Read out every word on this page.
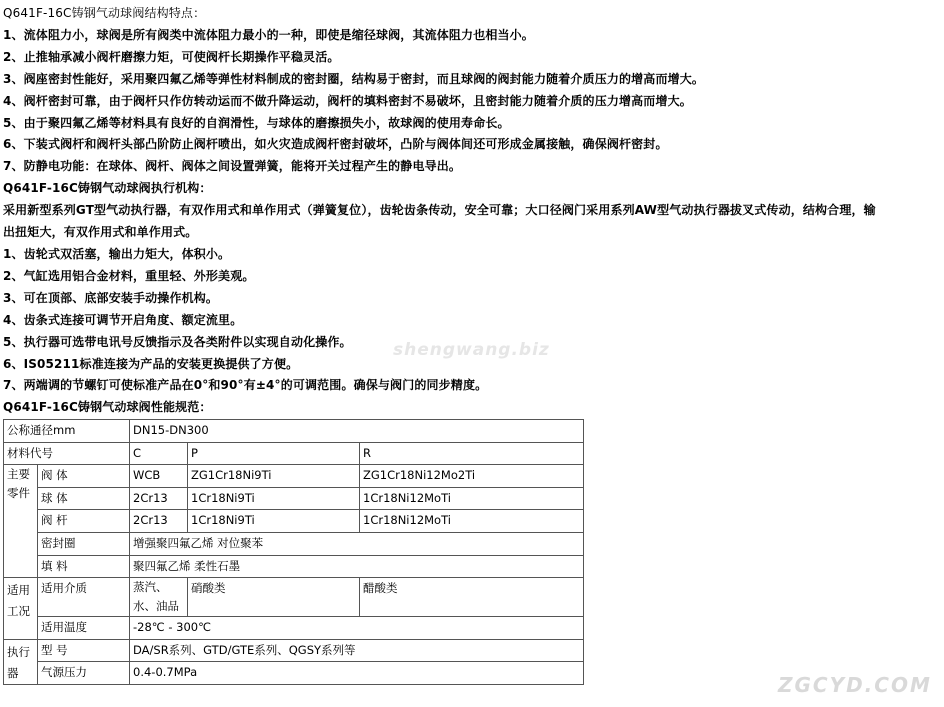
Q641F-16C铸钢气动球阀结构特点：
1、流体阻力小，球阀是所有阀类中流体阻力最小的一种，即使是缩径球阀，其流体阻力也相当小。
2、止推轴承减小阀杆磨擦力矩，可使阀杆长期操作平稳灵活。
3、阀座密封性能好，采用聚四氟乙烯等弹性材料制成的密封圈，结构易于密封，而且球阀的阀封能力随着介质压力的增高而增大。
4、阀杆密封可靠，由于阀杆只作仿转动运而不做升降运动，阀杆的填料密封不易破坏，且密封能力随着介质的压力增高而增大。
5、由于聚四氟乙烯等材料具有良好的自润滑性，与球体的磨擦损失小，故球阀的使用寿命长。
6、下装式阀杆和阀杆头部凸阶防止阀杆喷出，如火灾造成阀杆密封破坏，凸阶与阀体间还可形成金属接触，确保阀杆密封。
7、防静电功能：在球体、阀杆、阀体之间设置弹簧，能将开关过程产生的静电导出。
Q641F-16C铸钢气动球阀执行机构：
采用新型系列GT型气动执行器，有双作用式和单作用式（弹簧复位），齿轮齿条传动，安全可靠；大口径阀门采用系列AW型气动执行器拔叉式传动，结构合理，输
出扭矩大，有双作用式和单作用式。
1、齿轮式双活塞，输出力矩大，体积小。
2、气缸选用铝合金材料，重里轻、外形美观。
3、可在顶部、底部安装手动操作机构。
4、齿条式连接可调节开启角度、额定流里。
5、执行器可选带电讯号反馈指示及各类附件以实现自动化操作。
6、IS05211标准连接为产品的安装更换提供了方便。
7、两端调的节螺钉可使标准产品在0°和90°有±4°的可调范围。确保与阀门的同步精度。
Q641F-16C铸钢气动球阀性能规范：
公称通径mm		DN15-DN300		
材料代号		C	P	R
主要零件	阀 体	WCB	ZG1Cr18Ni9Ti	ZG1Cr18Ni12Mo2Ti
	球 体	2Cr13	1Cr18Ni9Ti	1Cr18Ni12MoTi
	阀 杆	2Cr13	1Cr18Ni9Ti	1Cr18Ni12MoTi
	密封圈	增强聚四氟乙烯 对位聚苯		
	填 料	聚四氟乙烯 柔性石墨		
适用工况	适用介质	蒸汽、水、油品	硝酸类	醋酸类
	适用温度	-28℃ - 300℃		
执行器	型 号	DA/SR系列、GTD/GTE系列、QGSY系列等		
	气源压力	0.4-0.7MPa		
shengwang.biz
ZGCYD.COM
